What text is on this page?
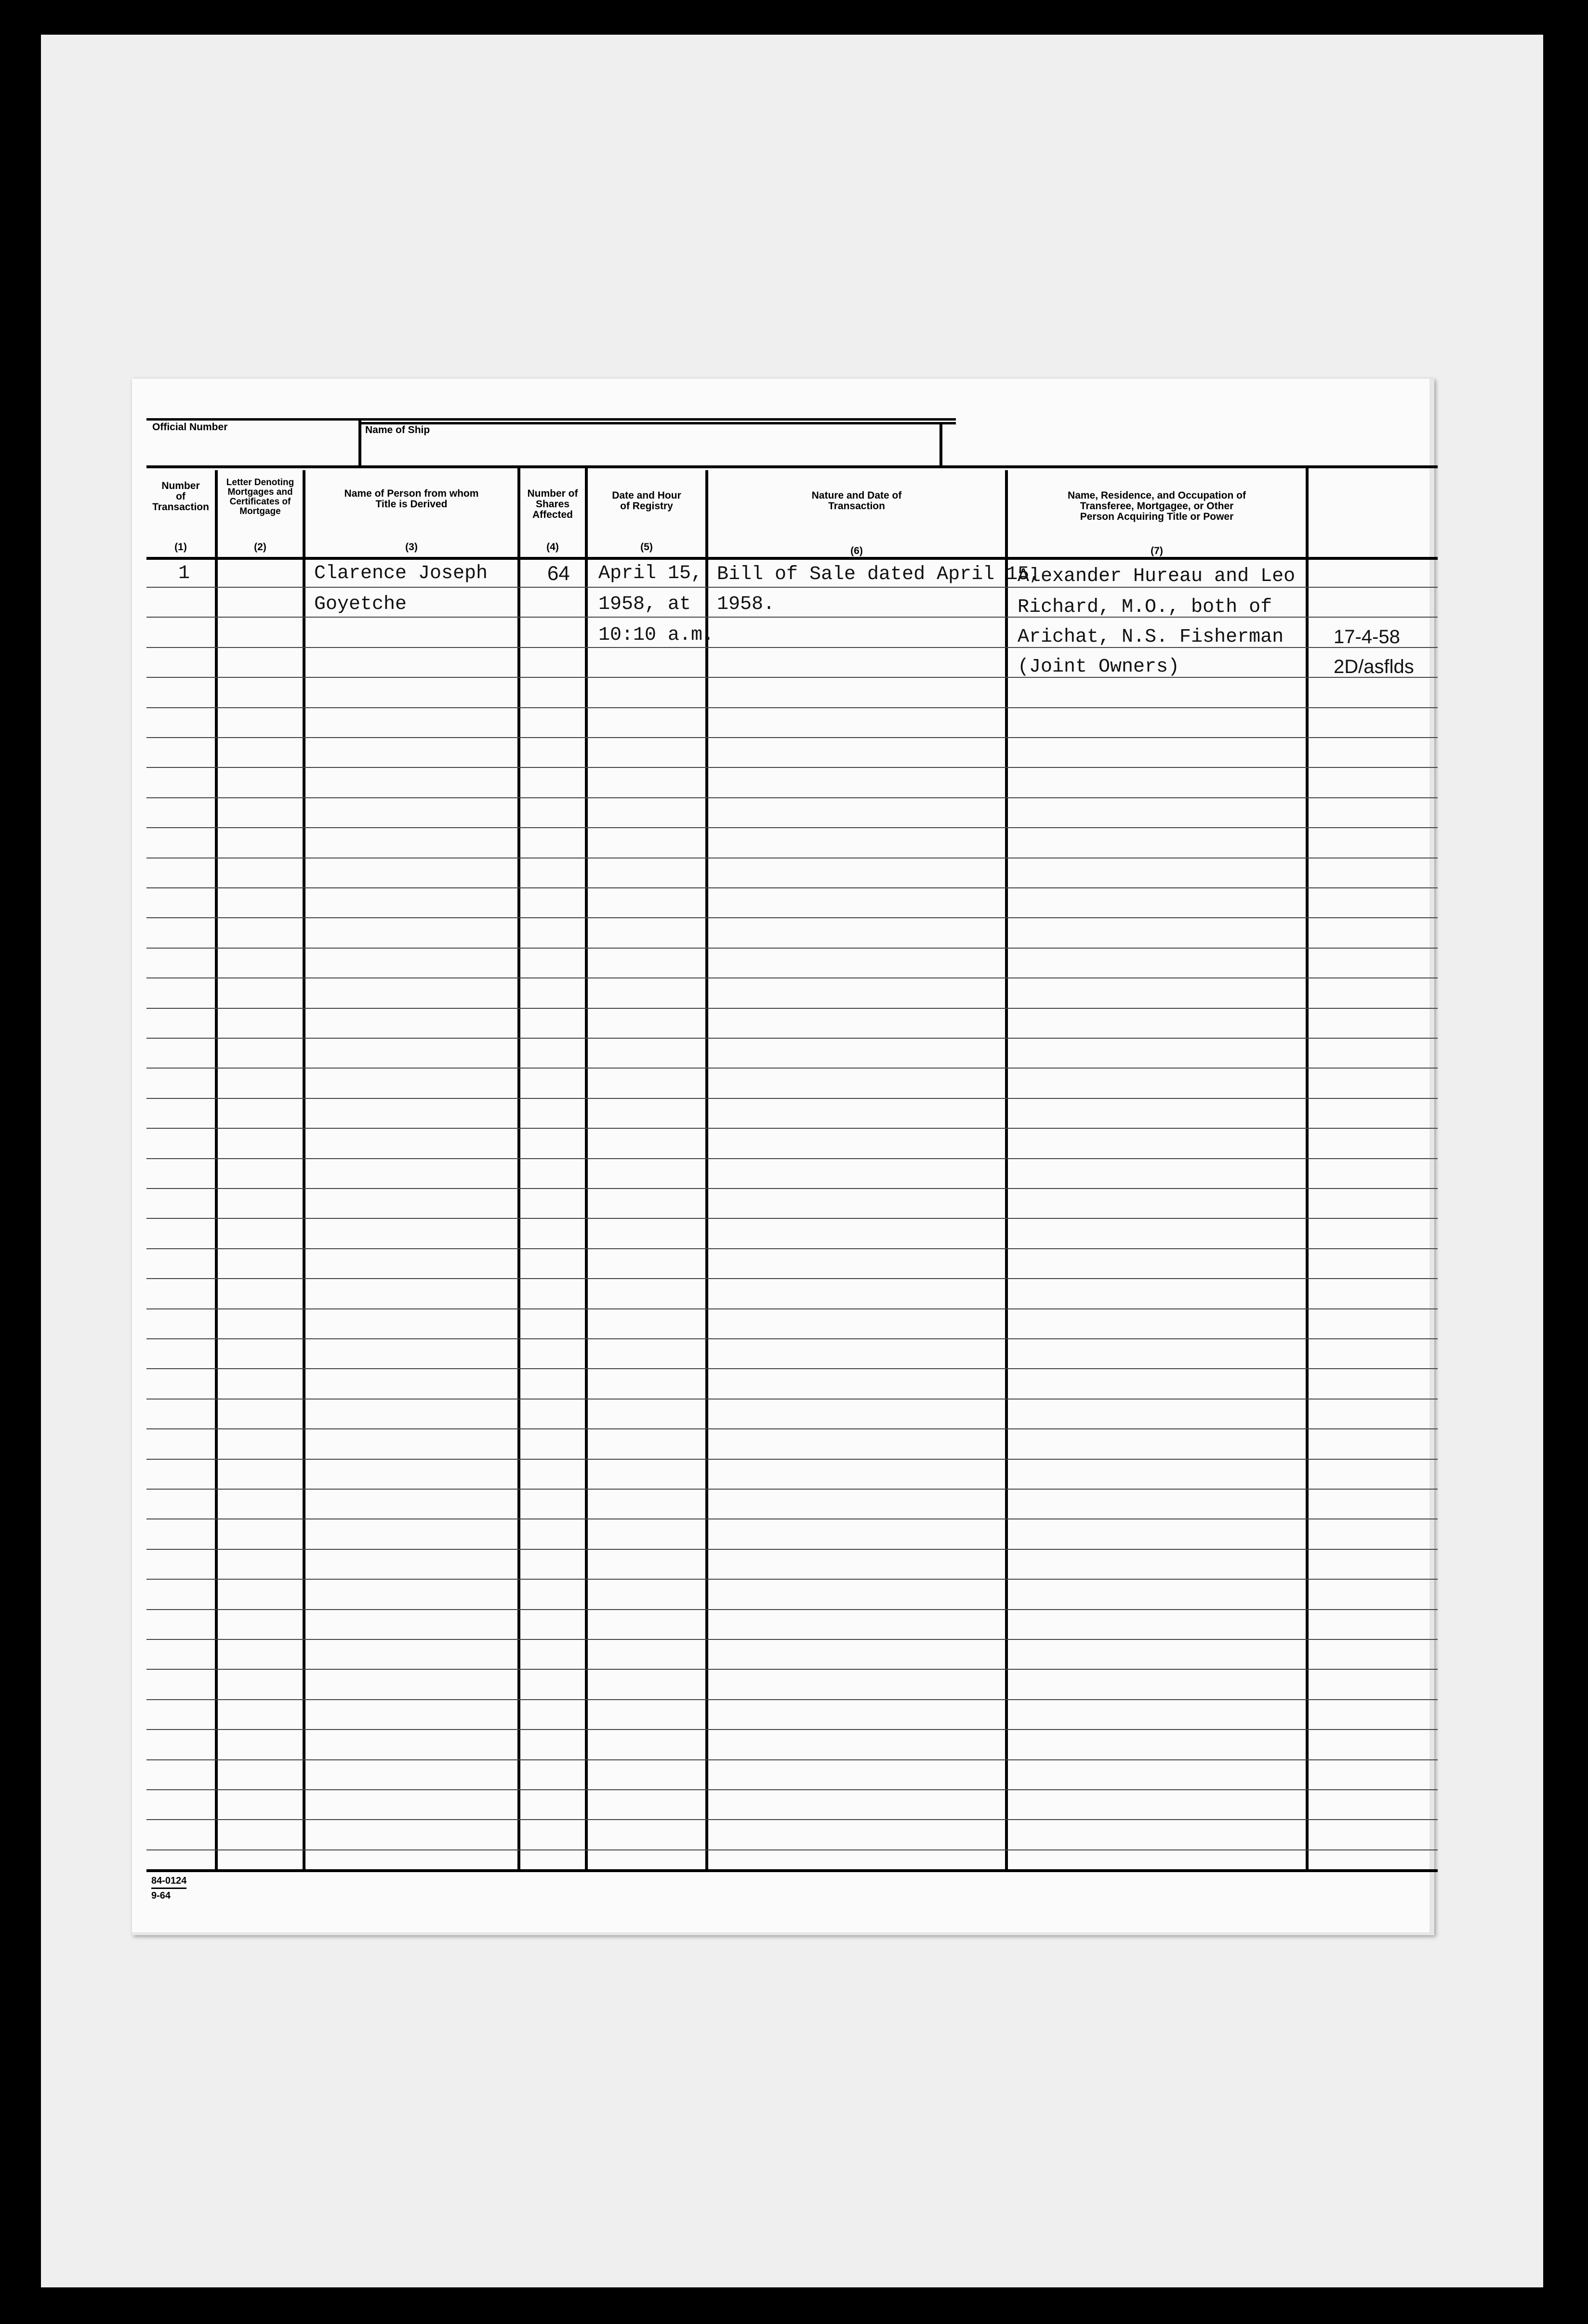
Official Number	Name of Ship
Number
of
Transaction
(1)
Letter Denoting
Mortgages and
Certificates of
Mortgage
(2)
Name of Person from whom
Title is Derived
(3)
Number of
Shares
Affected
(4)
Date and Hour
of Registry
(5)
Nature and Date of
Transaction
(6)
Name, Residence, and Occupation of
Transferee, Mortgagee, or Other
Person Acquiring Title or Power
(7)
1	Clarence Joseph
Goyetche
64 April 15,
1958, at
10:10 a.m.
Bill of Sale dated April 15,
1958.
Alexander Hureau and Leo
Richard, M.O., both of
Arichat, N.S. Fisherman
(Joint Owners)
17-4-58
2D/asflds
84-0124
9-64
